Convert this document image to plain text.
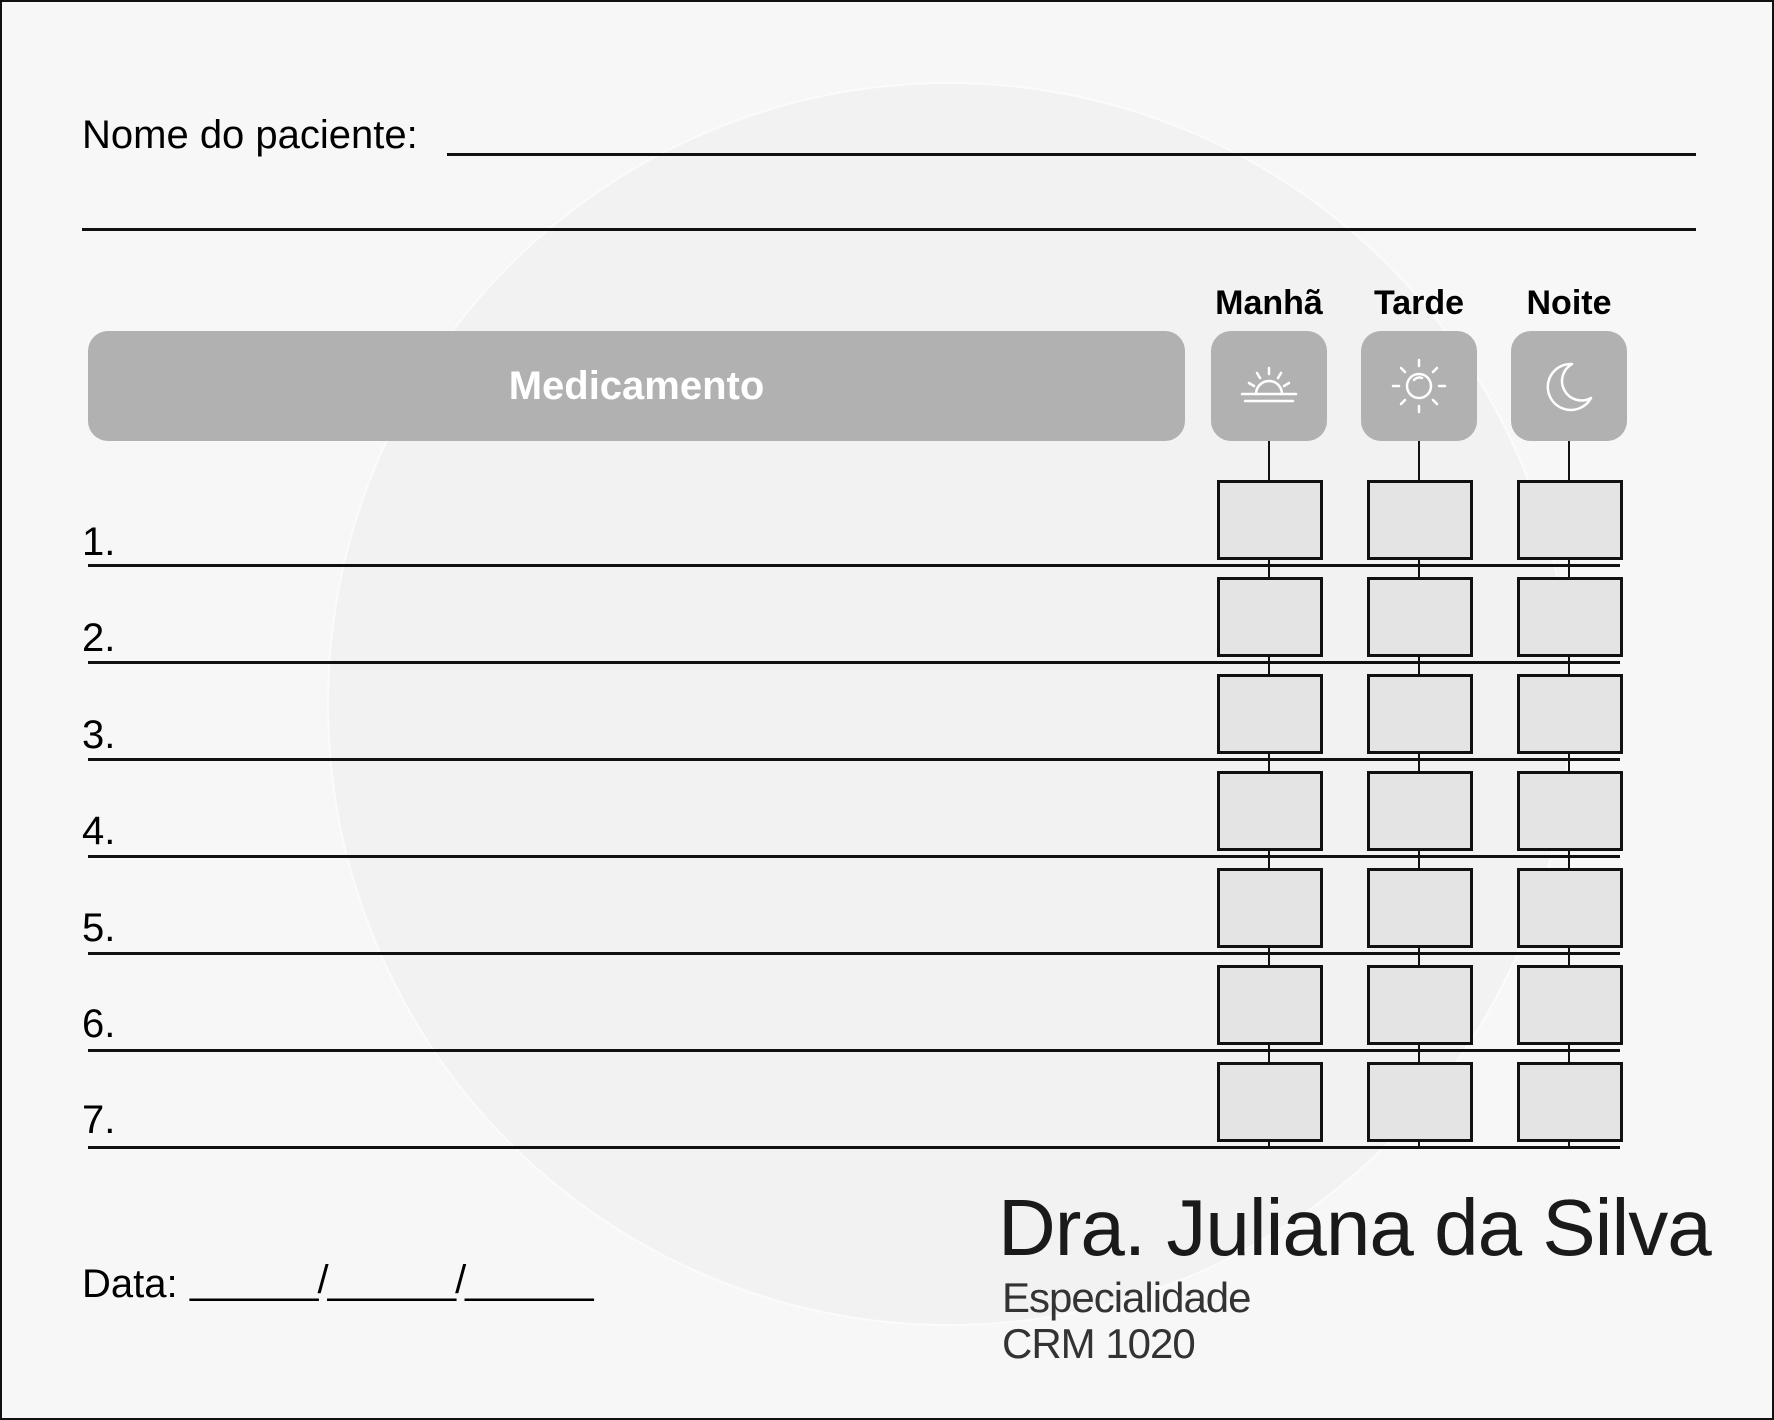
Nome do paciente:
Manhã	Tarde	Noite
Medicamento
1.
2.
3.
4.
5.
6.
7.
Data: ______/______/______
Dra. Juliana da Silva
Especialidade
CRM 1020
